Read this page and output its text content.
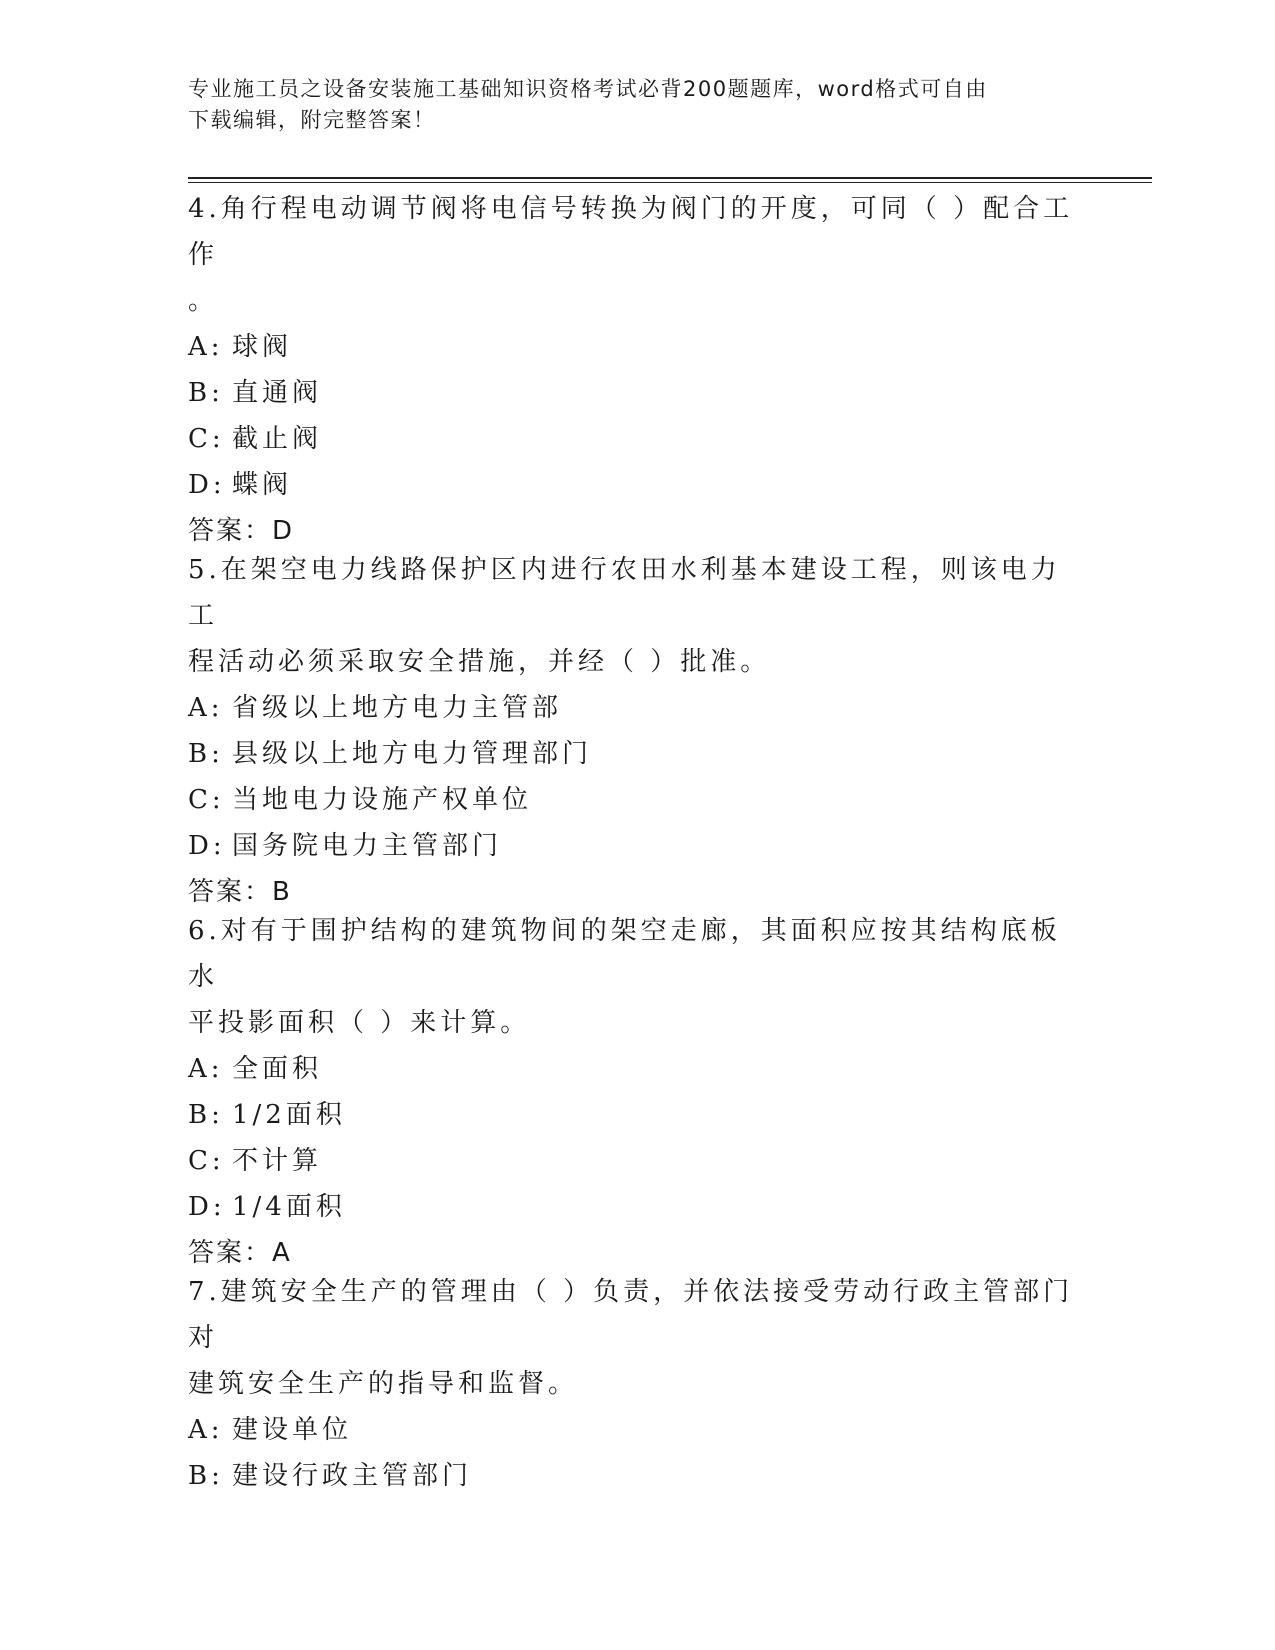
专业施工员之设备安装施工基础知识资格考试必背200题题库，word格式可自由
下载编辑，附完整答案！

4.角行程电动调节阀将电信号转换为阀门的开度，可同（ ）配合工作

。

A: 球阀

B: 直通阀

C: 截止阀

D: 蝶阀

答案：D

5.在架空电力线路保护区内进行农田水利基本建设工程，则该电力工

程活动必须采取安全措施，并经（ ）批准。

A: 省级以上地方电力主管部

B: 县级以上地方电力管理部门

C: 当地电力设施产权单位

D: 国务院电力主管部门

答案：B

6.对有于围护结构的建筑物间的架空走廊，其面积应按其结构底板水

平投影面积（ ）来计算。

A: 全面积

B: 1/2面积

C: 不计算

D: 1/4面积

答案：A

7.建筑安全生产的管理由（ ）负责，并依法接受劳动行政主管部门对

建筑安全生产的指导和监督。

A: 建设单位

B: 建设行政主管部门
